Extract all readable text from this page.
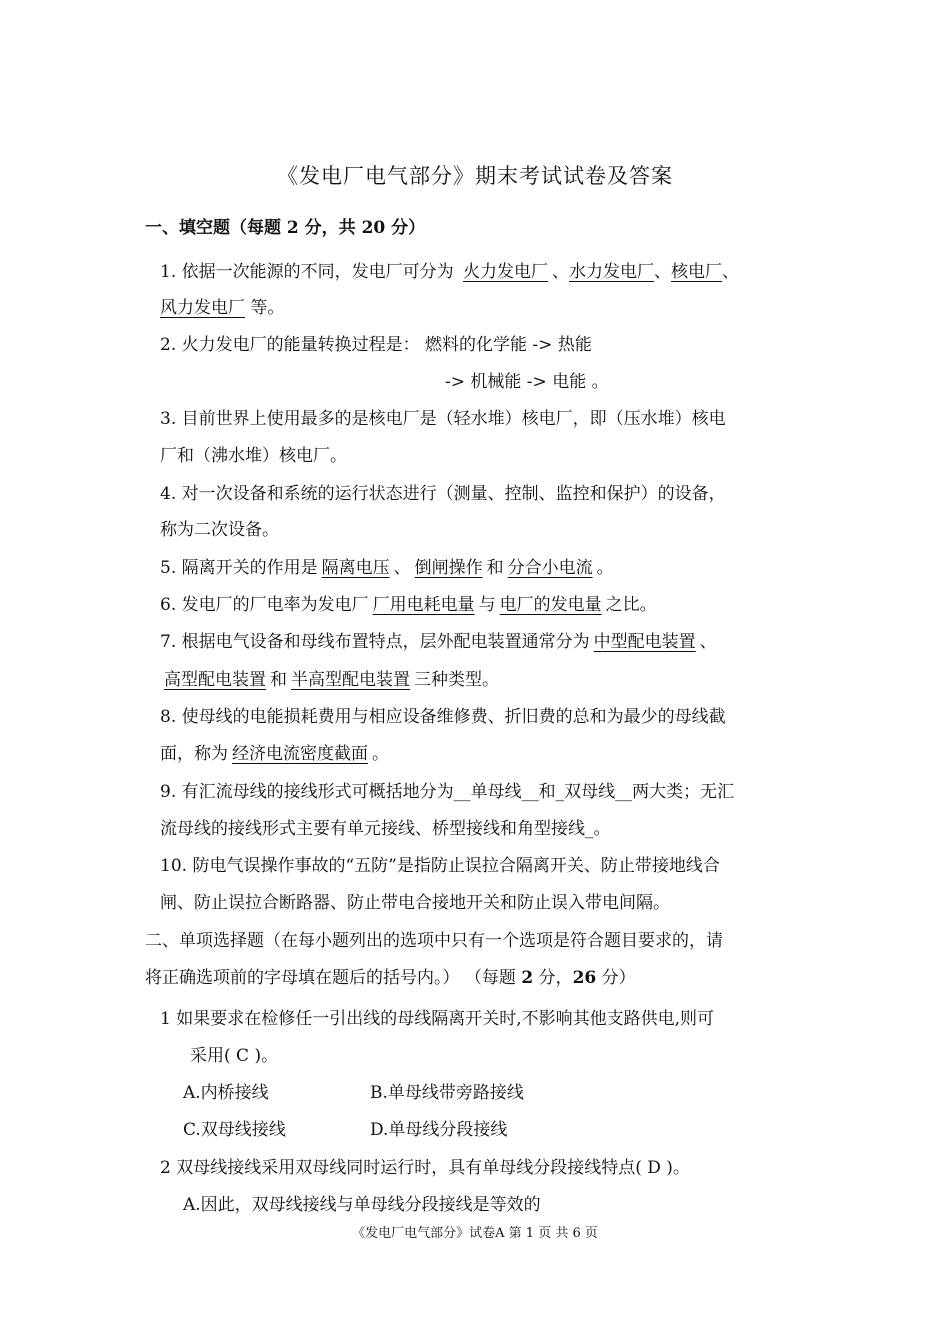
《发电厂电气部分》期末考试试卷及答案
一、填空题（每题 2 分，共 20 分）
1. 依据一次能源的不同，发电厂可分为 火力发电厂 、水力发电厂、核电厂、
风力发电厂 等。
2. 火力发电厂的能量转换过程是： 燃料的化学能 -> 热能
-> 机械能 -> 电能 。
3. 目前世界上使用最多的是核电厂是（轻水堆）核电厂，即（压水堆）核电
厂和（沸水堆）核电厂。
4. 对一次设备和系统的运行状态进行（测量、控制、监控和保护）的设备，
称为二次设备。
5. 隔离开关的作用是 隔离电压 、 倒闸操作 和 分合小电流 。
6. 发电厂的厂电率为发电厂 厂用电耗电量 与 电厂的发电量 之比。
7. 根据电气设备和母线布置特点，层外配电装置通常分为 中型配电装置 、
高型配电装置 和 半高型配电装置 三种类型。
8. 使母线的电能损耗费用与相应设备维修费、折旧费的总和为最少的母线截
面，称为 经济电流密度截面 。
9. 有汇流母线的接线形式可概括地分为__单母线__和_双母线__两大类；无汇
流母线的接线形式主要有单元接线、桥型接线和角型接线_。
10. 防电气误操作事故的“五防”是指防止误拉合隔离开关、防止带接地线合
闸、防止误拉合断路器、防止带电合接地开关和防止误入带电间隔。
二、单项选择题（在每小题列出的选项中只有一个选项是符合题目要求的，请
将正确选项前的字母填在题后的括号内。） （每题 2 分，26 分）
1 如果要求在检修任一引出线的母线隔离开关时,不影响其他支路供电,则可
采用( C )。
A.内桥接线	B.单母线带旁路接线
C.双母线接线	D.单母线分段接线
2 双母线接线采用双母线同时运行时，具有单母线分段接线特点( D )。
A.因此，双母线接线与单母线分段接线是等效的
《发电厂电气部分》试卷A 第 1 页 共 6 页
